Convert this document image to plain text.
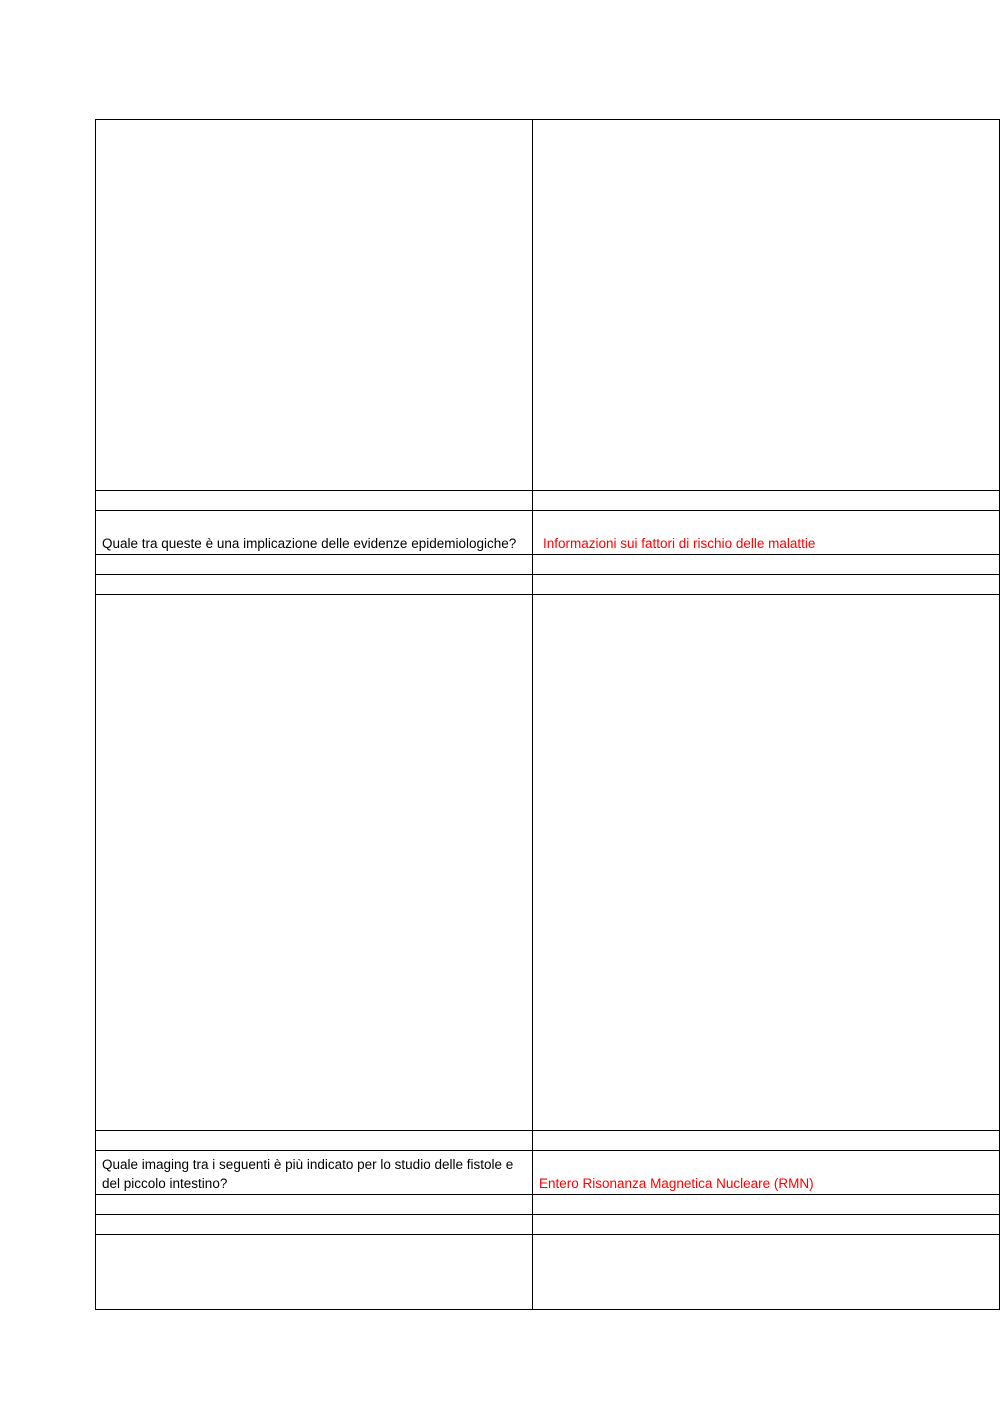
Quale tra queste è una implicazione delle evidenze epidemiologiche?	Informazioni sui fattori di rischio delle malattie

Quale imaging tra i seguenti è più indicato per lo studio delle fistole e del piccolo intestino?	Entero Risonanza Magnetica Nucleare (RMN)
